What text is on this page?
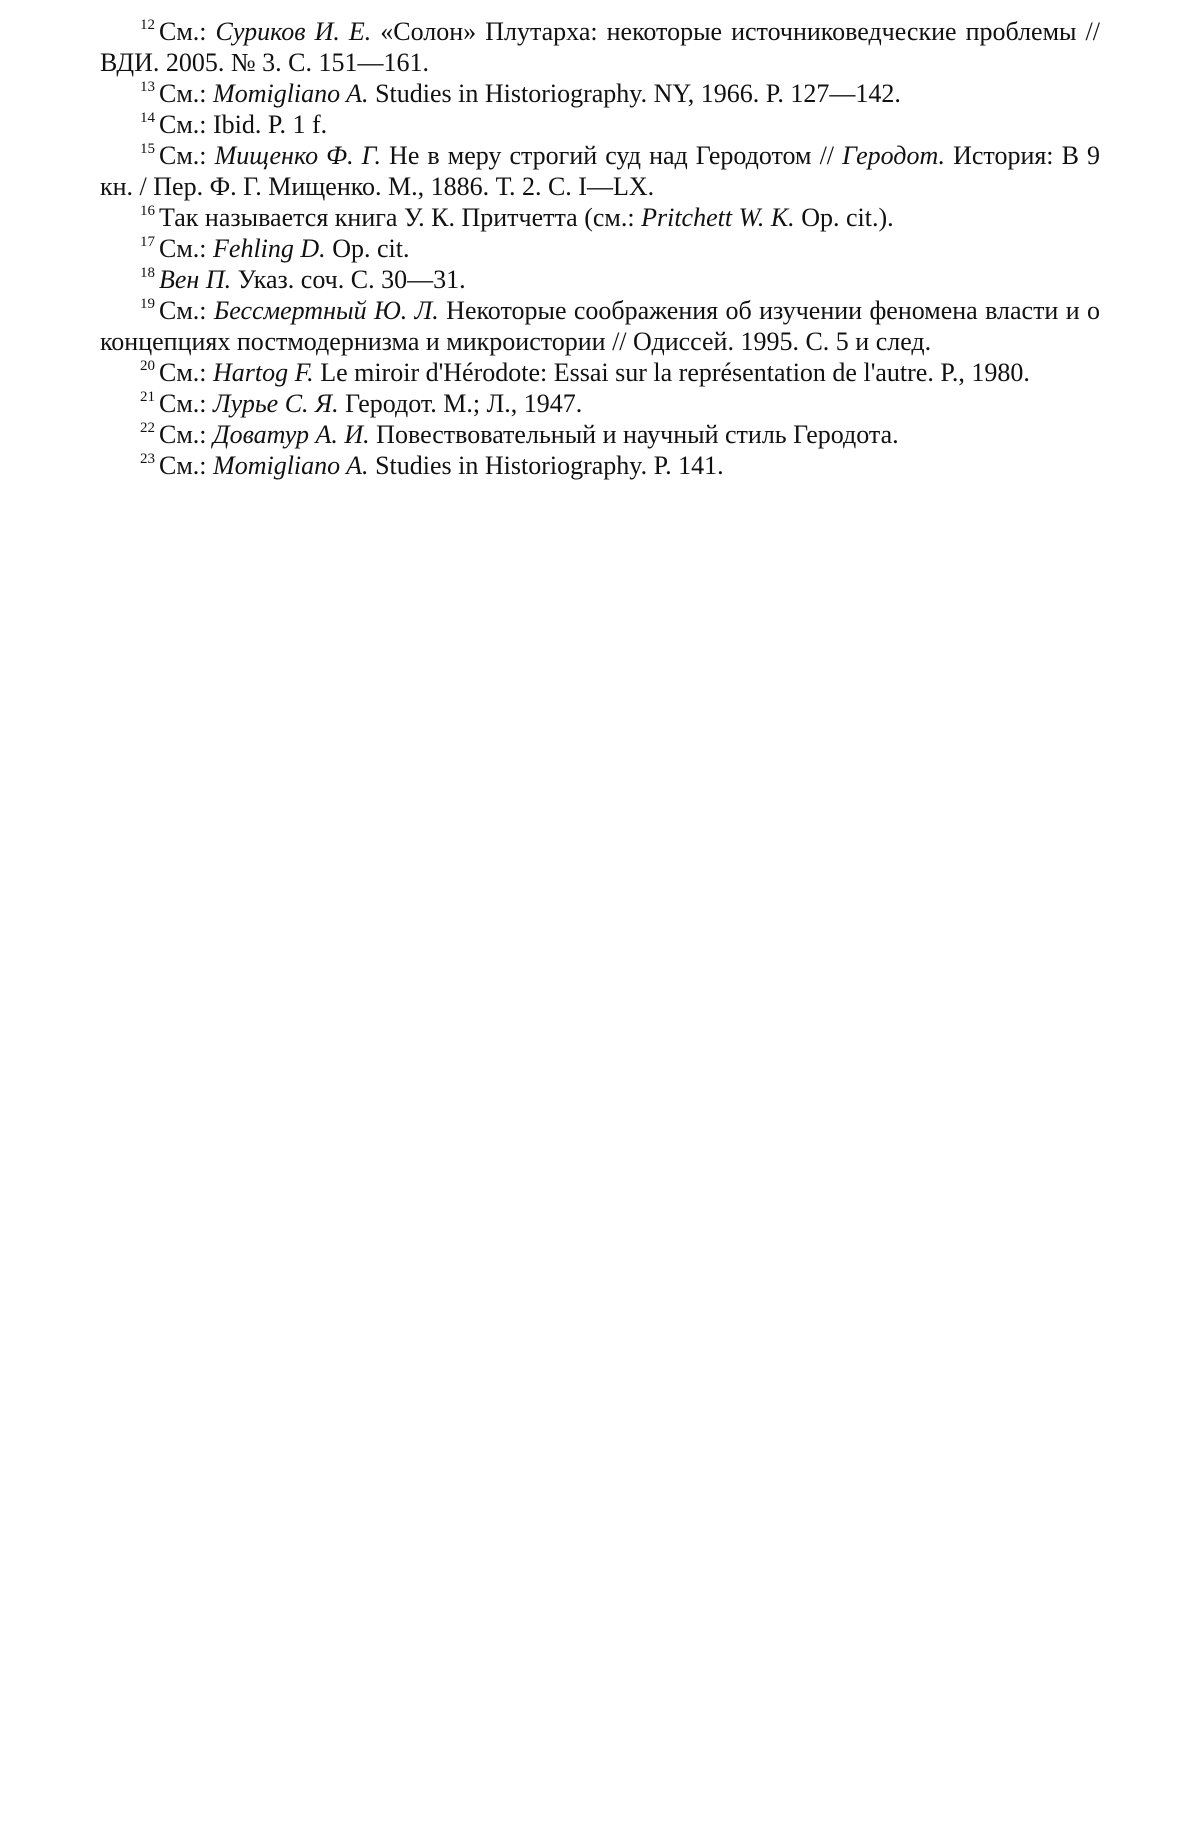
$^{12}$ См.: Суриков И. Е. «Солон» Плутарха: некоторые источниковедческие проблемы // ВДИ. 2005. № 3. С. 151—161.

$^{13}$ См.: Momigliano A. Studies in Historiography. NY, 1966. P. 127—142.

$^{14}$ См.: Ibid. P. 1 f.

$^{15}$ См.: Мищенко Ф. Г. Не в меру строгий суд над Геродотом // Геродот. История: В 9 кн. / Пер. Ф. Г. Мищенко. М., 1886. Т. 2. С. I—LX.

$^{16}$ Так называется книга У. К. Притчетта (см.: Pritchett W. K. Op. cit.).

$^{17}$ См.: Fehling D. Op. cit.

$^{18}$ Вен П. Указ. соч. С. 30—31.

$^{19}$ См.: Бессмертный Ю. Л. Некоторые соображения об изучении феномена власти и о концепциях постмодернизма и микроистории // Одиссей. 1995. С. 5 и след.

$^{20}$ См.: Hartog F. Le miroir d'Hérodote: Essai sur la représentation de l'autre. P., 1980.

$^{21}$ См.: Лурье С. Я. Геродот. М.; Л., 1947.

$^{22}$ См.: Доватур А. И. Повествовательный и научный стиль Геродота.

$^{23}$ См.: Momigliano A. Studies in Historiography. P. 141.
